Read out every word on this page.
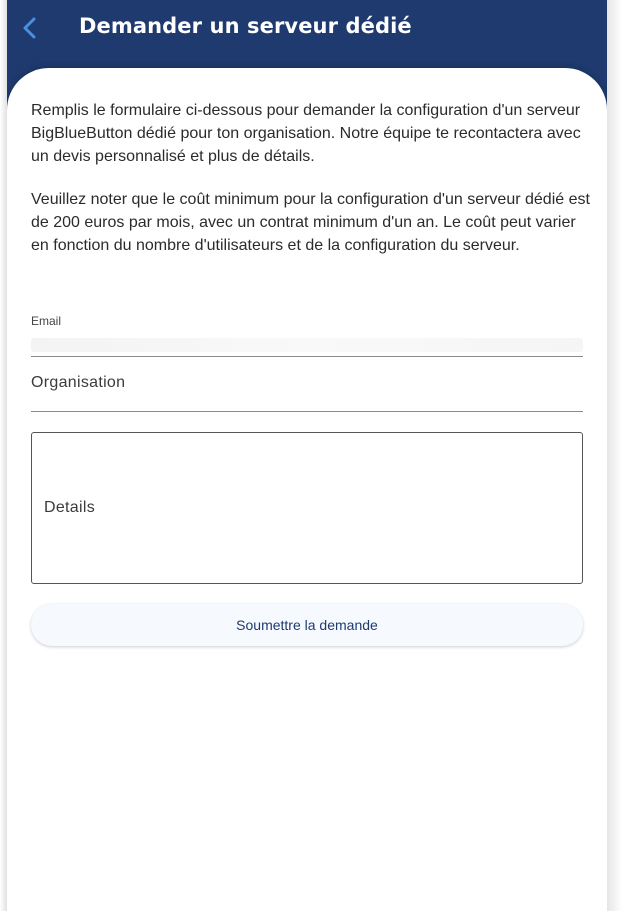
Demander un serveur dédié

Remplis le formulaire ci-dessous pour demander la configuration d'un serveur BigBlueButton dédié pour ton organisation. Notre équipe te recontactera avec un devis personnalisé et plus de détails.

Veuillez noter que le coût minimum pour la configuration d'un serveur dédié est de 200 euros par mois, avec un contrat minimum d'un an. Le coût peut varier en fonction du nombre d'utilisateurs et de la configuration du serveur.

Email
Organisation
Details
Soumettre la demande
